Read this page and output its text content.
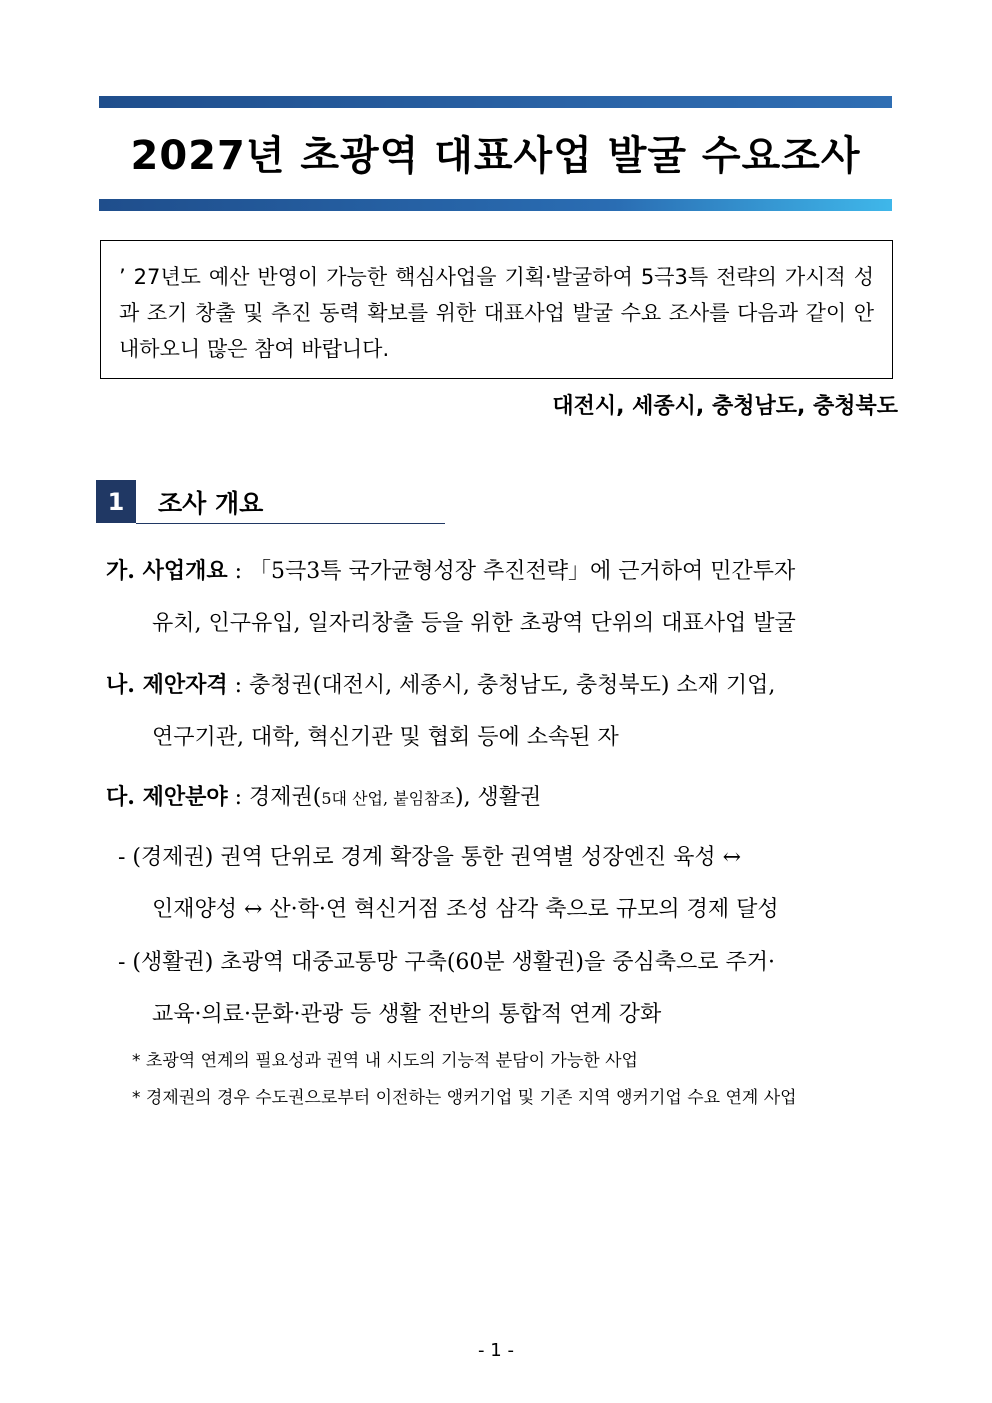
2027년 초광역 대표사업 발굴 수요조사
’ 27년도 예산 반영이 가능한 핵심사업을 기획·발굴하여 5극3특 전략의 가시적 성과 조기 창출 및 추진 동력 확보를 위한 대표사업 발굴 수요 조사를 다음과 같이 안내하오니 많은 참여 바랍니다.
대전시, 세종시, 충청남도, 충청북도
1	조사 개요
가. 사업개요 : 「5극3특 국가균형성장 추진전략」에 근거하여 민간투자
유치, 인구유입, 일자리창출 등을 위한 초광역 단위의 대표사업 발굴
나. 제안자격 : 충청권(대전시, 세종시, 충청남도, 충청북도) 소재 기업,
연구기관, 대학, 혁신기관 및 협회 등에 소속된 자
다. 제안분야 : 경제권(5대 산업, 붙임참조), 생활권
- (경제권) 권역 단위로 경계 확장을 통한 권역별 성장엔진 육성 ↔
인재양성 ↔ 산·학·연 혁신거점 조성 삼각 축으로 규모의 경제 달성
- (생활권) 초광역 대중교통망 구축(60분 생활권)을 중심축으로 주거·
교육·의료·문화·관광 등 생활 전반의 통합적 연계 강화
* 초광역 연계의 필요성과 권역 내 시도의 기능적 분담이 가능한 사업
* 경제권의 경우 수도권으로부터 이전하는 앵커기업 및 기존 지역 앵커기업 수요 연계 사업
- 1 -
